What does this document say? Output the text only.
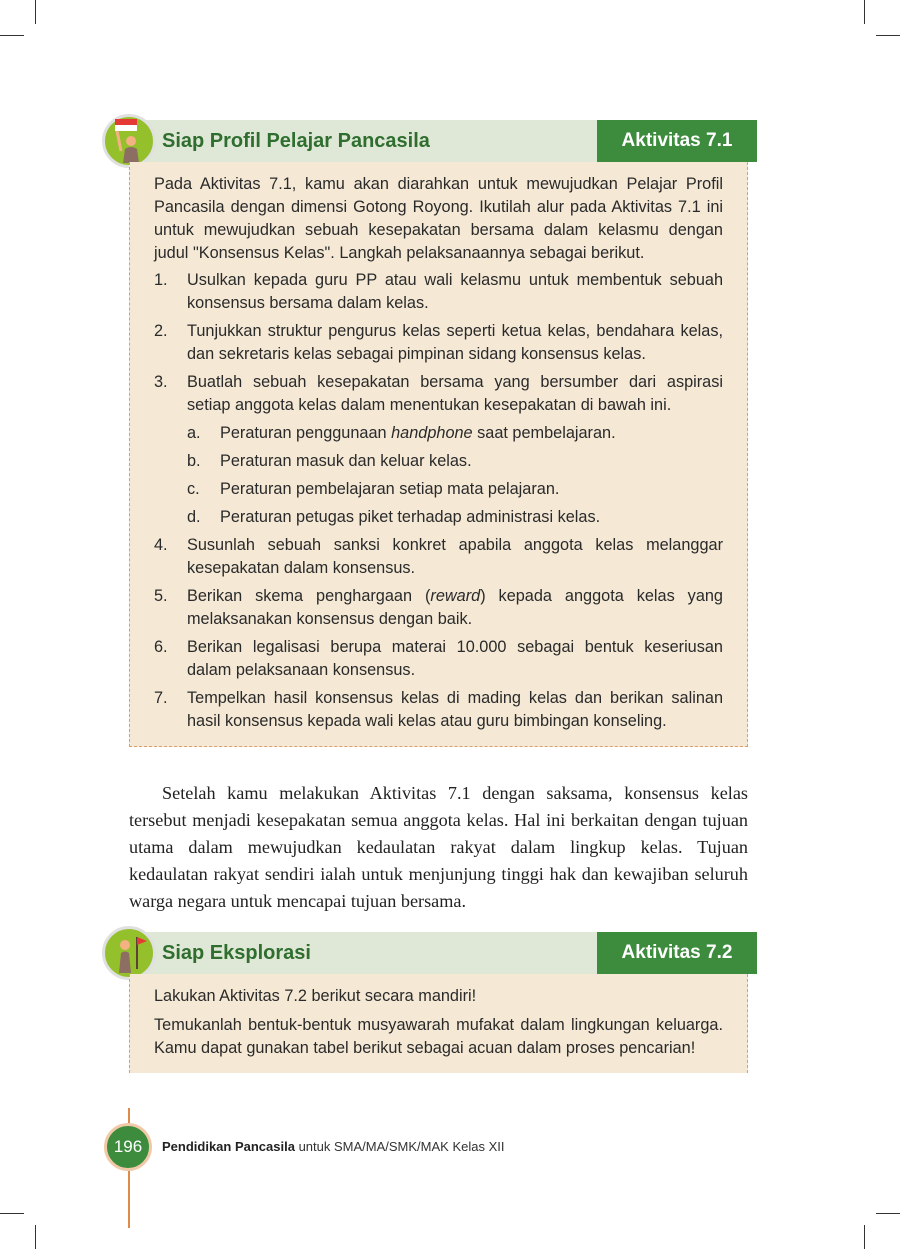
Aktivitas 7.1
Siap Profil Pelajar Pancasila

Pada Aktivitas 7.1, kamu akan diarahkan untuk mewujudkan Pelajar Profil Pancasila dengan dimensi Gotong Royong. Ikutilah alur pada Aktivitas 7.1 ini untuk mewujudkan sebuah kesepakatan bersama dalam kelasmu dengan judul "Konsensus Kelas". Langkah pelaksanaannya sebagai berikut.

1. Usulkan kepada guru PP atau wali kelasmu untuk membentuk sebuah konsensus bersama dalam kelas.
2. Tunjukkan struktur pengurus kelas seperti ketua kelas, bendahara kelas, dan sekretaris kelas sebagai pimpinan sidang konsensus kelas.
3. Buatlah sebuah kesepakatan bersama yang bersumber dari aspirasi setiap anggota kelas dalam menentukan kesepakatan di bawah ini.
a. Peraturan penggunaan handphone saat pembelajaran.
b. Peraturan masuk dan keluar kelas.
c. Peraturan pembelajaran setiap mata pelajaran.
d. Peraturan petugas piket terhadap administrasi kelas.
4. Susunlah sebuah sanksi konkret apabila anggota kelas melanggar kesepakatan dalam konsensus.
5. Berikan skema penghargaan (reward) kepada anggota kelas yang melaksanakan konsensus dengan baik.
6. Berikan legalisasi berupa materai 10.000 sebagai bentuk keseriusan dalam pelaksanaan konsensus.
7. Tempelkan hasil konsensus kelas di mading kelas dan berikan salinan hasil konsensus kepada wali kelas atau guru bimbingan konseling.

Setelah kamu melakukan Aktivitas 7.1 dengan saksama, konsensus kelas tersebut menjadi kesepakatan semua anggota kelas. Hal ini berkaitan dengan tujuan utama dalam mewujudkan kedaulatan rakyat dalam lingkup kelas. Tujuan kedaulatan rakyat sendiri ialah untuk menjunjung tinggi hak dan kewajiban seluruh warga negara untuk mencapai tujuan bersama.

Aktivitas 7.2
Siap Eksplorasi

Lakukan Aktivitas 7.2 berikut secara mandiri!

Temukanlah bentuk-bentuk musyawarah mufakat dalam lingkungan keluarga. Kamu dapat gunakan tabel berikut sebagai acuan dalam proses pencarian!

196	Pendidikan Pancasila untuk SMA/MA/SMK/MAK Kelas XII
